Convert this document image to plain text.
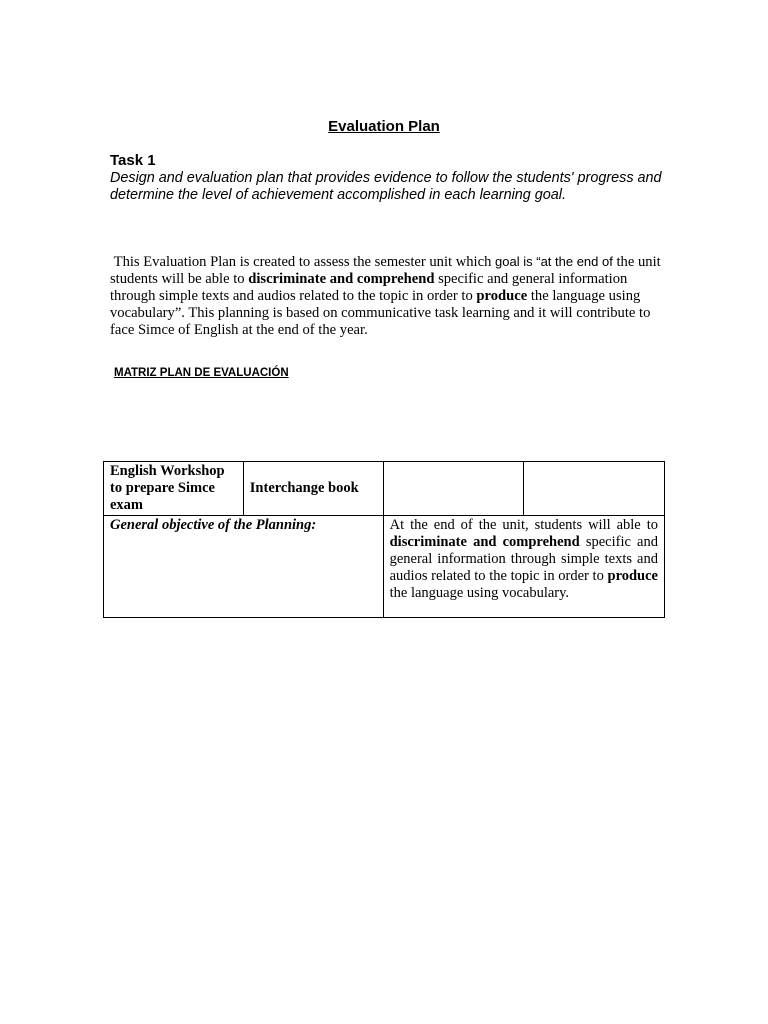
Evaluation Plan
Task 1
Design and evaluation plan that provides evidence to follow the students' progress and determine the level of achievement accomplished in each learning goal.
This Evaluation Plan is created to assess the semester unit which goal is “at the end of the unit students will be able to discriminate and comprehend specific and general information through simple texts and audios related to the topic in order to produce the language using vocabulary”. This planning is based on communicative task learning and it will contribute to face Simce of English at the end of the year.
MATRIZ PLAN DE EVALUACIÓN
English Workshop to prepare Simce exam	Interchange book		
General objective of the Planning:		At the end of the unit, students will able to discriminate and comprehend specific and general information through simple texts and audios related to the topic in order to produce the language using vocabulary.	
